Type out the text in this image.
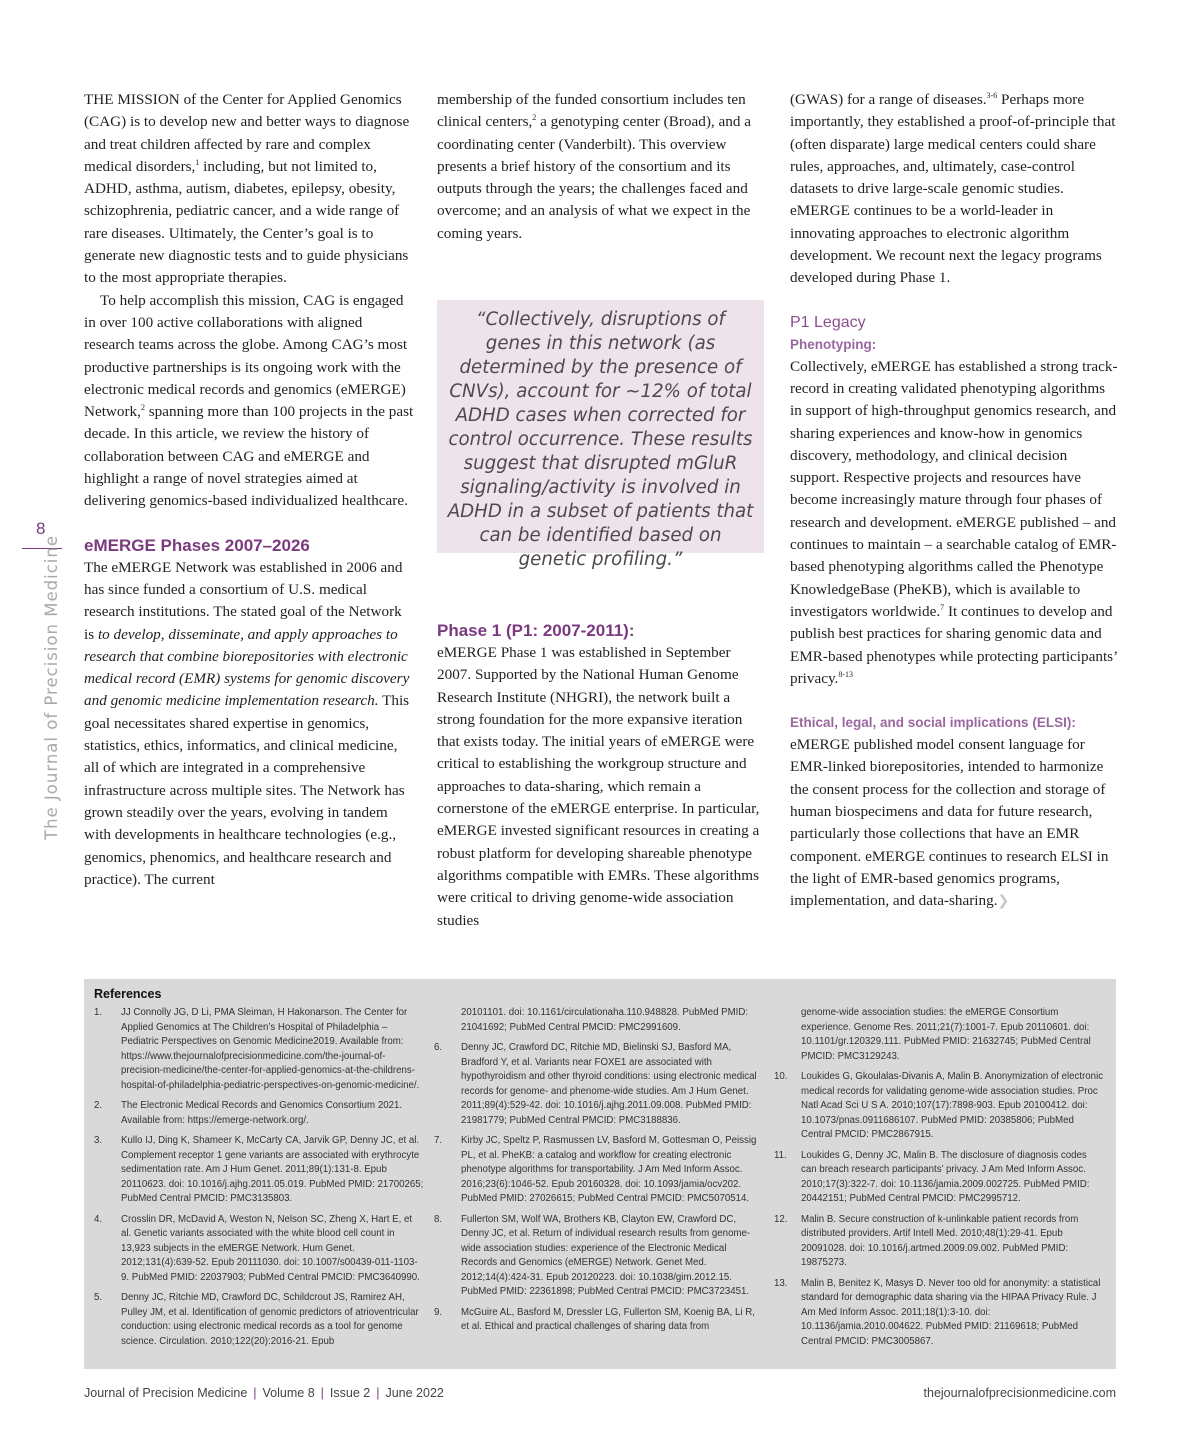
8
The Journal of Precision Medicine

THE MISSION of the Center for Applied Genomics (CAG) is to develop new and better ways to diagnose and treat children affected by rare and complex medical disorders,$^1$ including, but not limited to, ADHD, asthma, autism, diabetes, epilepsy, obesity, schizophrenia, pediatric cancer, and a wide range of rare diseases. Ultimately, the Center’s goal is to generate new diagnostic tests and to guide physicians to the most appropriate therapies.

To help accomplish this mission, CAG is engaged in over 100 active collaborations with aligned research teams across the globe. Among CAG’s most productive partnerships is its ongoing work with the electronic medical records and genomics (eMERGE) Network,$^2$ spanning more than 100 projects in the past decade. In this article, we review the history of collaboration between CAG and eMERGE and highlight a range of novel strategies aimed at delivering genomics-based individualized healthcare.

eMERGE Phases 2007–2026

The eMERGE Network was established in 2006 and has since funded a consortium of U.S. medical research institutions. The stated goal of the Network is to develop, disseminate, and apply approaches to research that combine biorepositories with electronic medical record (EMR) systems for genomic discovery and genomic medicine implementation research. This goal necessitates shared expertise in genomics, statistics, ethics, informatics, and clinical medicine, all of which are integrated in a comprehensive infrastructure across multiple sites. The Network has grown steadily over the years, evolving in tandem with developments in healthcare technologies (e.g., genomics, phenomics, and healthcare research and practice). The current

membership of the funded consortium includes ten clinical centers,$^2$ a genotyping center (Broad), and a coordinating center (Vanderbilt). This overview presents a brief history of the consortium and its outputs through the years; the challenges faced and overcome; and an analysis of what we expect in the coming years.

“Collectively, disruptions of genes in this network (as determined by the presence of CNVs), account for ~12% of total ADHD cases when corrected for control occurrence. These results suggest that disrupted mGluR signaling/activity is involved in ADHD in a subset of patients that can be identified based on genetic profiling.”
Phase 1 (P1: 2007-2011):

eMERGE Phase 1 was established in September 2007. Supported by the National Human Genome Research Institute (NHGRI), the network built a strong foundation for the more expansive iteration that exists today. The initial years of eMERGE were critical to establishing the workgroup structure and approaches to data-sharing, which remain a cornerstone of the eMERGE enterprise. In particular, eMERGE invested significant resources in creating a robust platform for developing shareable phenotype algorithms compatible with EMRs. These algorithms were critical to driving genome-wide association studies

(GWAS) for a range of diseases.$^{3-6}$ Perhaps more importantly, they established a proof-of-principle that (often disparate) large medical centers could share rules, approaches, and, ultimately, case-control datasets to drive large-scale genomic studies. eMERGE continues to be a world-leader in innovating approaches to electronic algorithm development. We recount next the legacy programs developed during Phase 1.

P1 Legacy
Phenotyping:

Collectively, eMERGE has established a strong track-record in creating validated phenotyping algorithms in support of high-throughput genomics research, and sharing experiences and know-how in genomics discovery, methodology, and clinical decision support. Respective projects and resources have become increasingly mature through four phases of research and development. eMERGE published – and continues to maintain – a searchable catalog of EMR-based phenotyping algorithms called the Phenotype KnowledgeBase (PheKB), which is available to investigators worldwide.$^7$ It continues to develop and publish best practices for sharing genomic data and EMR-based phenotypes while protecting participants’ privacy.$^{8-13}$

Ethical, legal, and social implications (ELSI):

eMERGE published model consent language for EMR-linked biorepositories, intended to harmonize the consent process for the collection and storage of human biospecimens and data for future research, particularly those collections that have an EMR component. eMERGE continues to research ELSI in the light of EMR-based genomics programs, implementation, and data-sharing.❯

References
1. JJ Connolly JG, D Li, PMA Sleiman, H Hakonarson. The Center for Applied Genomics at The Children’s Hospital of Philadelphia – Pediatric Perspectives on Genomic Medicine2019. Available from: https://www.thejournalofprecisionmedicine.com/the-journal-of-precision-medicine/the-center-for-applied-genomics-at-the-childrens-hospital-of-philadelphia-pediatric-perspectives-on-genomic-medicine/.
2. The Electronic Medical Records and Genomics Consortium 2021. Available from: https://emerge-network.org/.
3. Kullo IJ, Ding K, Shameer K, McCarty CA, Jarvik GP, Denny JC, et al. Complement receptor 1 gene variants are associated with erythrocyte sedimentation rate. Am J Hum Genet. 2011;89(1):131-8. Epub 20110623. doi: 10.1016/j.ajhg.2011.05.019. PubMed PMID: 21700265; PubMed Central PMCID: PMC3135803.
4. Crosslin DR, McDavid A, Weston N, Nelson SC, Zheng X, Hart E, et al. Genetic variants associated with the white blood cell count in 13,923 subjects in the eMERGE Network. Hum Genet. 2012;131(4):639-52. Epub 20111030. doi: 10.1007/s00439-011-1103-9. PubMed PMID: 22037903; PubMed Central PMCID: PMC3640990.
5. Denny JC, Ritchie MD, Crawford DC, Schildcrout JS, Ramirez AH, Pulley JM, et al. Identification of genomic predictors of atrioventricular conduction: using electronic medical records as a tool for genome science. Circulation. 2010;122(20):2016-21. Epub
20101101. doi: 10.1161/circulationaha.110.948828. PubMed PMID: 21041692; PubMed Central PMCID: PMC2991609.
6. Denny JC, Crawford DC, Ritchie MD, Bielinski SJ, Basford MA, Bradford Y, et al. Variants near FOXE1 are associated with hypothyroidism and other thyroid conditions: using electronic medical records for genome- and phenome-wide studies. Am J Hum Genet. 2011;89(4):529-42. doi: 10.1016/j.ajhg.2011.09.008. PubMed PMID: 21981779; PubMed Central PMCID: PMC3188836.
7. Kirby JC, Speltz P, Rasmussen LV, Basford M, Gottesman O, Peissig PL, et al. PheKB: a catalog and workflow for creating electronic phenotype algorithms for transportability. J Am Med Inform Assoc. 2016;23(6):1046-52. Epub 20160328. doi: 10.1093/jamia/ocv202. PubMed PMID: 27026615; PubMed Central PMCID: PMC5070514.
8. Fullerton SM, Wolf WA, Brothers KB, Clayton EW, Crawford DC, Denny JC, et al. Return of individual research results from genome-wide association studies: experience of the Electronic Medical Records and Genomics (eMERGE) Network. Genet Med. 2012;14(4):424-31. Epub 20120223. doi: 10.1038/gim.2012.15. PubMed PMID: 22361898; PubMed Central PMCID: PMC3723451.
9. McGuire AL, Basford M, Dressler LG, Fullerton SM, Koenig BA, Li R, et al. Ethical and practical challenges of sharing data from
genome-wide association studies: the eMERGE Consortium experience. Genome Res. 2011;21(7):1001-7. Epub 20110601. doi: 10.1101/gr.120329.111. PubMed PMID: 21632745; PubMed Central PMCID: PMC3129243.
10. Loukides G, Gkoulalas-Divanis A, Malin B. Anonymization of electronic medical records for validating genome-wide association studies. Proc Natl Acad Sci U S A. 2010;107(17):7898-903. Epub 20100412. doi: 10.1073/pnas.0911686107. PubMed PMID: 20385806; PubMed Central PMCID: PMC2867915.
11. Loukides G, Denny JC, Malin B. The disclosure of diagnosis codes can breach research participants’ privacy. J Am Med Inform Assoc. 2010;17(3):322-7. doi: 10.1136/jamia.2009.002725. PubMed PMID: 20442151; PubMed Central PMCID: PMC2995712.
12. Malin B. Secure construction of k-unlinkable patient records from distributed providers. Artif Intell Med. 2010;48(1):29-41. Epub 20091028. doi: 10.1016/j.artmed.2009.09.002. PubMed PMID: 19875273.
13. Malin B, Benitez K, Masys D. Never too old for anonymity: a statistical standard for demographic data sharing via the HIPAA Privacy Rule. J Am Med Inform Assoc. 2011;18(1):3-10. doi: 10.1136/jamia.2010.004622. PubMed PMID: 21169618; PubMed Central PMCID: PMC3005867.
Journal of Precision Medicine | Volume 8 | Issue 2 | June 2022	thejournalofprecisionmedicine.com
